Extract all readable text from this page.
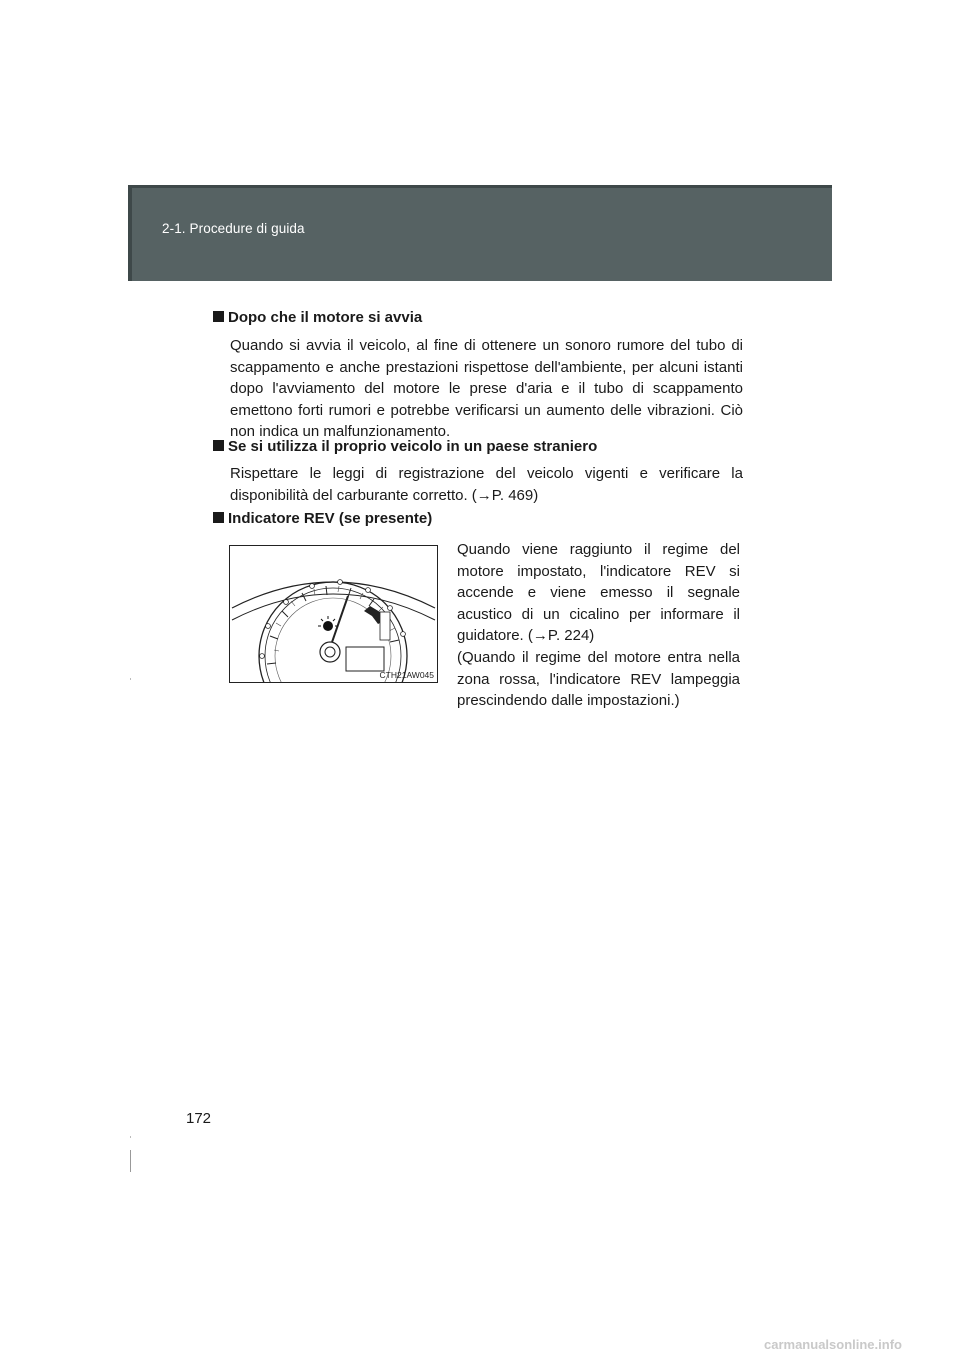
2-1. Procedure di guida
Dopo che il motore si avvia
Quando si avvia il veicolo, al fine di ottenere un sonoro rumore del tubo di scappamento e anche prestazioni rispettose dell'ambiente, per alcuni istanti dopo l'avviamento del motore le prese d'aria e il tubo di scappamento emettono forti rumori e potrebbe verificarsi un aumento delle vibrazioni. Ciò non indica un malfunzionamento.
Se si utilizza il proprio veicolo in un paese straniero
Rispettare le leggi di registrazione del veicolo vigenti e verificare la disponibilità del carburante corretto. (→P. 469)
Indicatore REV (se presente)
CTH21AW045
Quando viene raggiunto il regime del motore impostato, l'indicatore REV si accende e viene emesso il segnale acustico di un cicalino per informare il guidatore. (→P. 224)
(Quando il regime del motore entra nella zona rossa, l'indicatore REV lampeggia prescindendo dalle impostazioni.)
172
carmanualsonline.info
